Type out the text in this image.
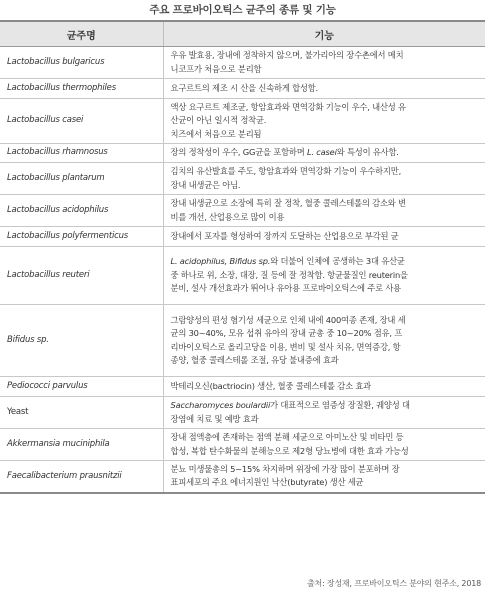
주요 프로바이오틱스 균주의 종류 및 기능
균주명	기능
Lactobacillus bulgaricus	우유 발효용, 장내에 정착하지 않으며, 불가리아의 장수촌에서 메치
니코프가 처음으로 분리함

Lactobacillus thermophiles	요구르트의 제조 시 산을 신속하게 합성함.

Lactobacillus casei	액상 요구르트 제조균, 항암효과와 면역강화 기능이 우수, 내산성 유
산균이 아닌 일시적 정착균.
치즈에서 처음으로 분리됨

Lactobacillus rhamnosus	장의 정착성이 우수, GG균을 포함하며 L. casei와 특성이 유사함.

Lactobacillus plantarum	김치의 유산발효를 주도, 항암효과와 면역강화 기능이 우수하지만,
장내 내생균은 아님.

Lactobacillus acidophilus	장내 내생균으로 소장에 특히 잘 정착, 혈중 콜레스테롤의 감소와 변
비를 개선, 산업용으로 많이 이용

Lactobacillus polyfermenticus	장내에서 포자를 형성하여 장까지 도달하는 산업용으로 부각된 균

Lactobacillus reuteri	L. acidophilus, Bifidus sp.와 더불어 인체에 공생하는 3대 유산균
중 하나로 위, 소장, 대장, 질 등에 잘 정착함. 항균물질인 reuterin을
분비, 설사 개선효과가 뛰어나 유아용 프로바이오틱스에 주로 사용

Bifidus sp.	그람양성의 편성 혐기성 세균으로 인체 내에 400여종 존재, 장내 세
균의 30~40%, 모유 섭취 유아의 장내 균총 중 10~20% 점유, 프
리바이오틱스로 올리고당을 이용, 변비 및 설사 치유, 면역증강, 항
종양, 혈중 콜레스테롤 조절, 유당 불내증에 효과

Pediococci parvulus	박테리오신(bactriocin) 생산, 혈중 콜레스테롤 감소 효과

Yeast	Saccharomyces boulardii가 대표적으로 염증성 장질환, 궤양성 대
장염에 치료 및 예방 효과

Akkermansia muciniphila	장내 점액층에 존재하는 점액 분해 세균으로 아미노산 및 비타민 등
합성, 복합 탄수화물의 분해능으로 제2형 당뇨병에 대한 효과 가능성

Faecalibacterium prausnitzii	분뇨 미생물총의 5~15% 차지하며 위장에 가장 많이 분포하며 장
표피세포의 주요 에너지원인 낙산(butyrate) 생산 세균
출처: 장성재, 프로바이오틱스 분야의 현주소, 2018
